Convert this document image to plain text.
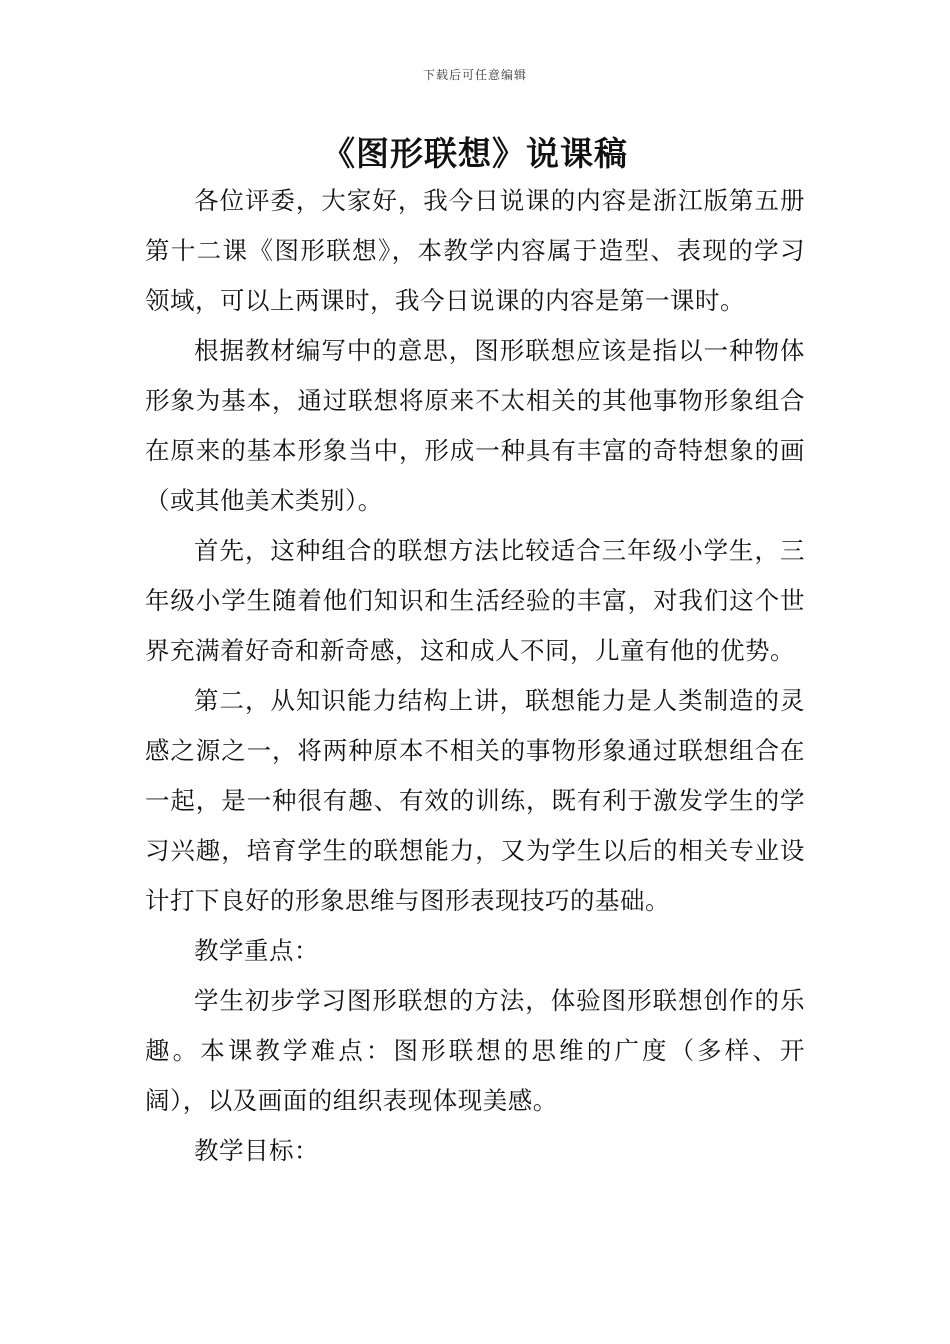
下载后可任意编辑
《图形联想》说课稿

各位评委，大家好，我今日说课的内容是浙江版第五册第十二课《图形联想》，本教学内容属于造型、表现的学习领域，可以上两课时，我今日说课的内容是第一课时。

根据教材编写中的意思，图形联想应该是指以一种物体形象为基本，通过联想将原来不太相关的其他事物形象组合在原来的基本形象当中，形成一种具有丰富的奇特想象的画（或其他美术类别）。

首先，这种组合的联想方法比较适合三年级小学生，三年级小学生随着他们知识和生活经验的丰富，对我们这个世界充满着好奇和新奇感，这和成人不同，儿童有他的优势。

第二，从知识能力结构上讲，联想能力是人类制造的灵感之源之一，将两种原本不相关的事物形象通过联想组合在一起，是一种很有趣、有效的训练，既有利于激发学生的学习兴趣，培育学生的联想能力，又为学生以后的相关专业设计打下良好的形象思维与图形表现技巧的基础。

教学重点：

学生初步学习图形联想的方法，体验图形联想创作的乐趣。本课教学难点：图形联想的思维的广度（多样、开阔），以及画面的组织表现体现美感。

教学目标：
